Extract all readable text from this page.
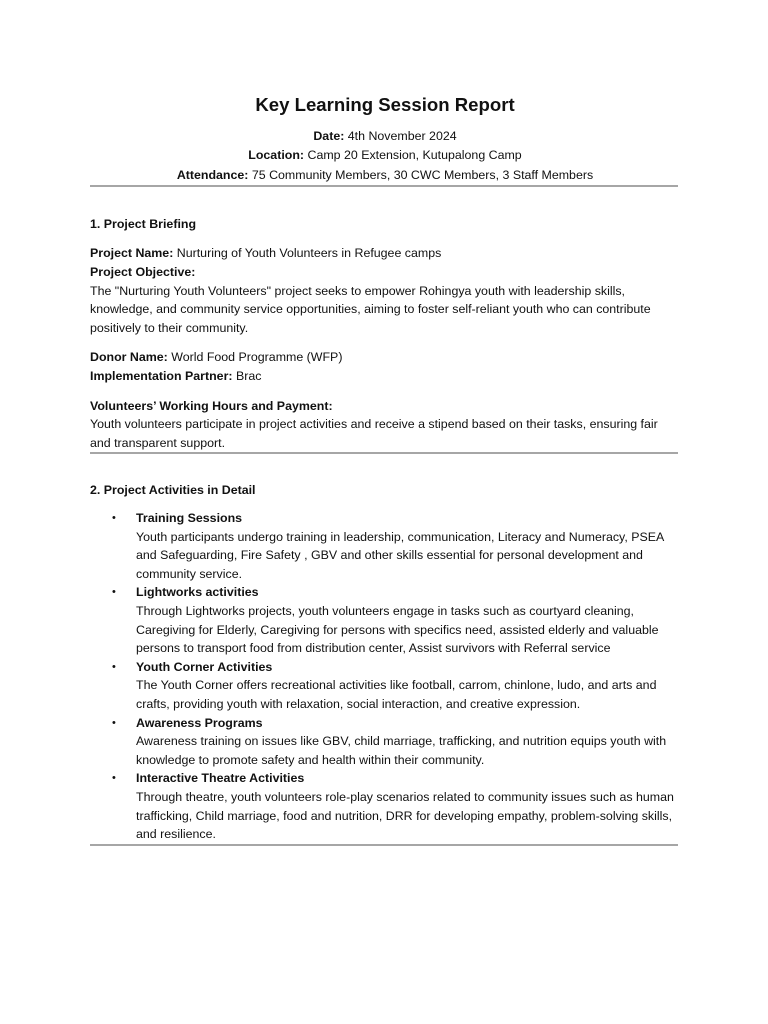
Key Learning Session Report

Date: 4th November 2024

Location: Camp 20 Extension, Kutupalong Camp

Attendance: 75 Community Members, 30 CWC Members, 3 Staff Members

1. Project Briefing

Project Name: Nurturing of Youth Volunteers in Refugee camps

Project Objective:

The "Nurturing Youth Volunteers" project seeks to empower Rohingya youth with leadership skills, knowledge, and community service opportunities, aiming to foster self-reliant youth who can contribute positively to their community.

Donor Name: World Food Programme (WFP)

Implementation Partner: Brac

Volunteers’ Working Hours and Payment:

Youth volunteers participate in project activities and receive a stipend based on their tasks, ensuring fair and transparent support.

2. Project Activities in Detail

• Training Sessions
Youth participants undergo training in leadership, communication, Literacy and Numeracy, PSEA and Safeguarding, Fire Safety , GBV and other skills essential for personal development and community service.
• Lightworks activities
Through Lightworks projects, youth volunteers engage in tasks such as courtyard cleaning, Caregiving for Elderly, Caregiving for persons with specifics need, assisted elderly and valuable persons to transport food from distribution center, Assist survivors with Referral service
• Youth Corner Activities
The Youth Corner offers recreational activities like football, carrom, chinlone, ludo, and arts and crafts, providing youth with relaxation, social interaction, and creative expression.
• Awareness Programs
Awareness training on issues like GBV, child marriage, trafficking, and nutrition equips youth with knowledge to promote safety and health within their community.
• Interactive Theatre Activities
Through theatre, youth volunteers role-play scenarios related to community issues such as human trafficking, Child marriage, food and nutrition, DRR for developing empathy, problem-solving skills, and resilience.
